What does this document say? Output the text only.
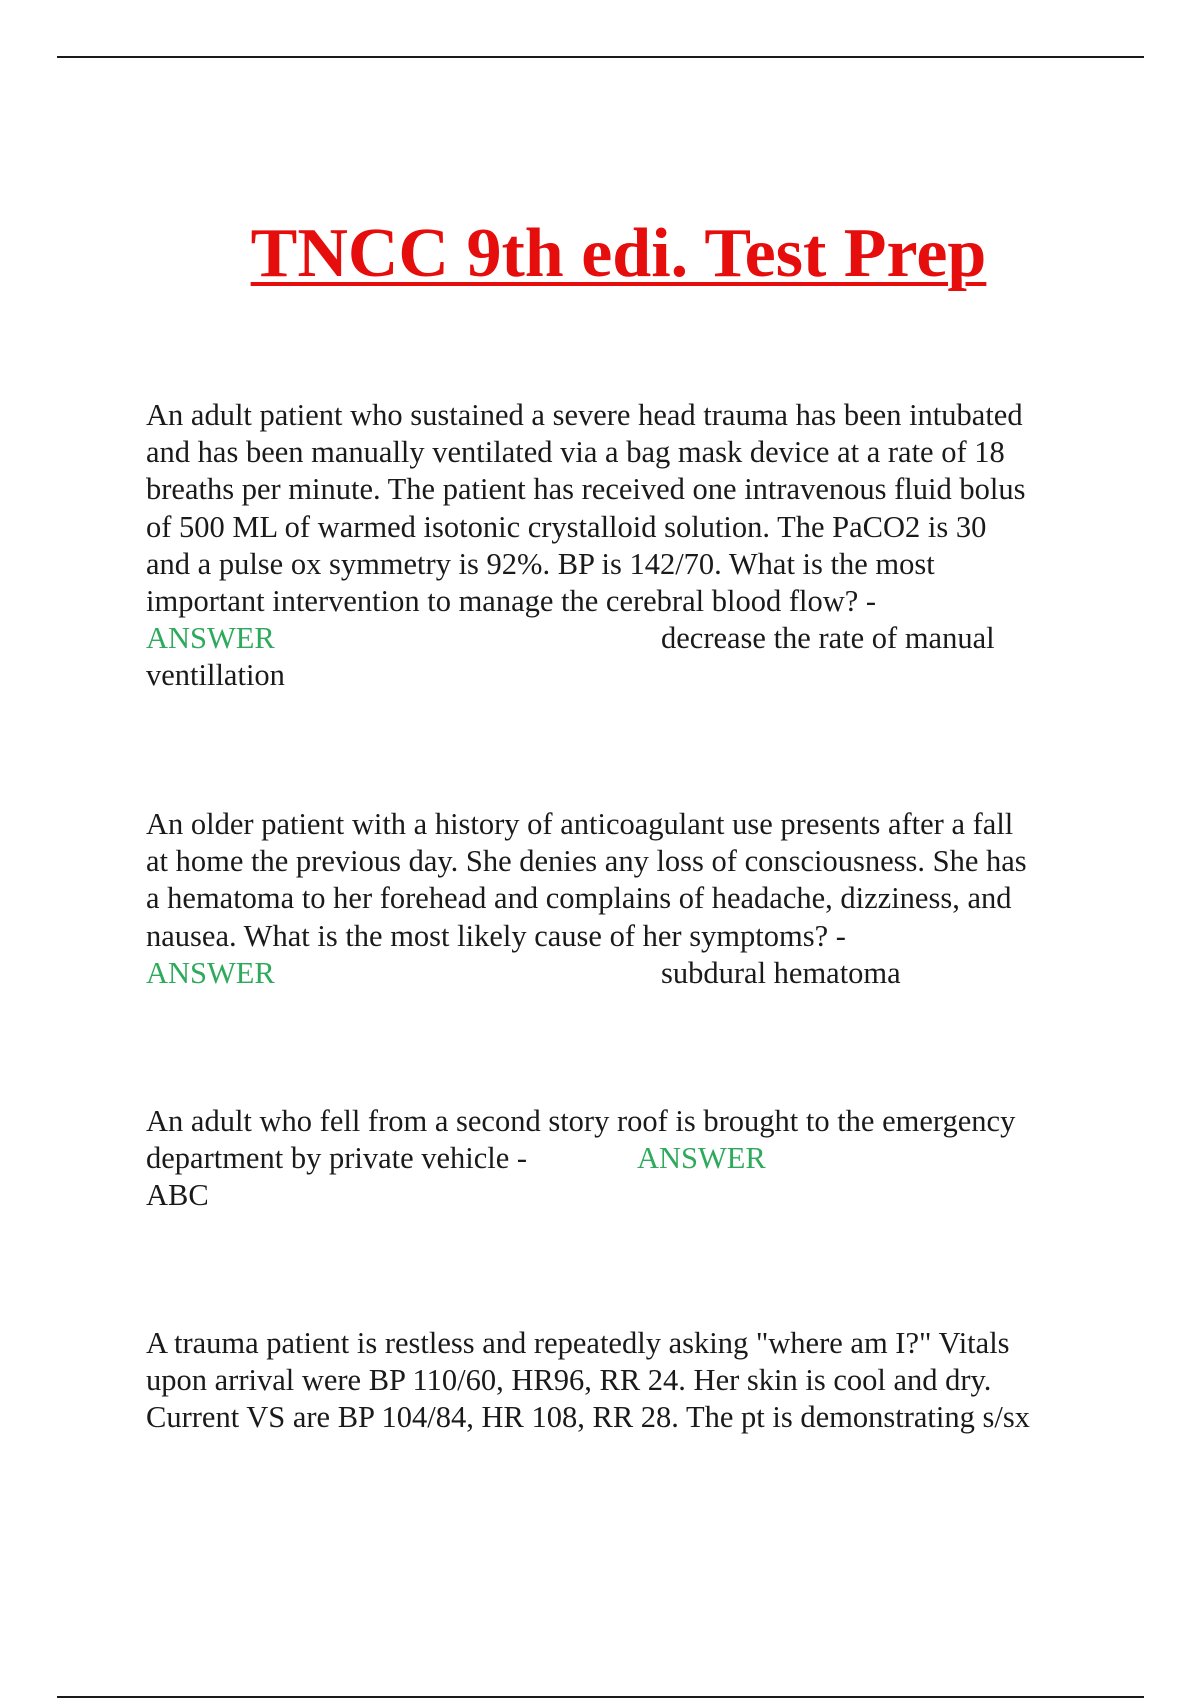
TNCC 9th edi. Test Prep
An adult patient who sustained a severe head trauma has been intubated
and has been manually ventilated via a bag mask device at a rate of 18
breaths per minute. The patient has received one intravenous fluid bolus
of 500 ML of warmed isotonic crystalloid solution. The PaCO2 is 30
and a pulse ox symmetry is 92%. BP is 142/70. What is the most
important intervention to manage the cerebral blood flow? -
ANSWER	decrease the rate of manual
ventillation
An older patient with a history of anticoagulant use presents after a fall
at home the previous day. She denies any loss of consciousness. She has
a hematoma to her forehead and complains of headache, dizziness, and
nausea. What is the most likely cause of her symptoms? -
ANSWER	subdural hematoma
An adult who fell from a second story roof is brought to the emergency
department by private vehicle -	ANSWER
ABC
A trauma patient is restless and repeatedly asking "where am I?" Vitals
upon arrival were BP 110/60, HR96, RR 24. Her skin is cool and dry.
Current VS are BP 104/84, HR 108, RR 28. The pt is demonstrating s/sx
